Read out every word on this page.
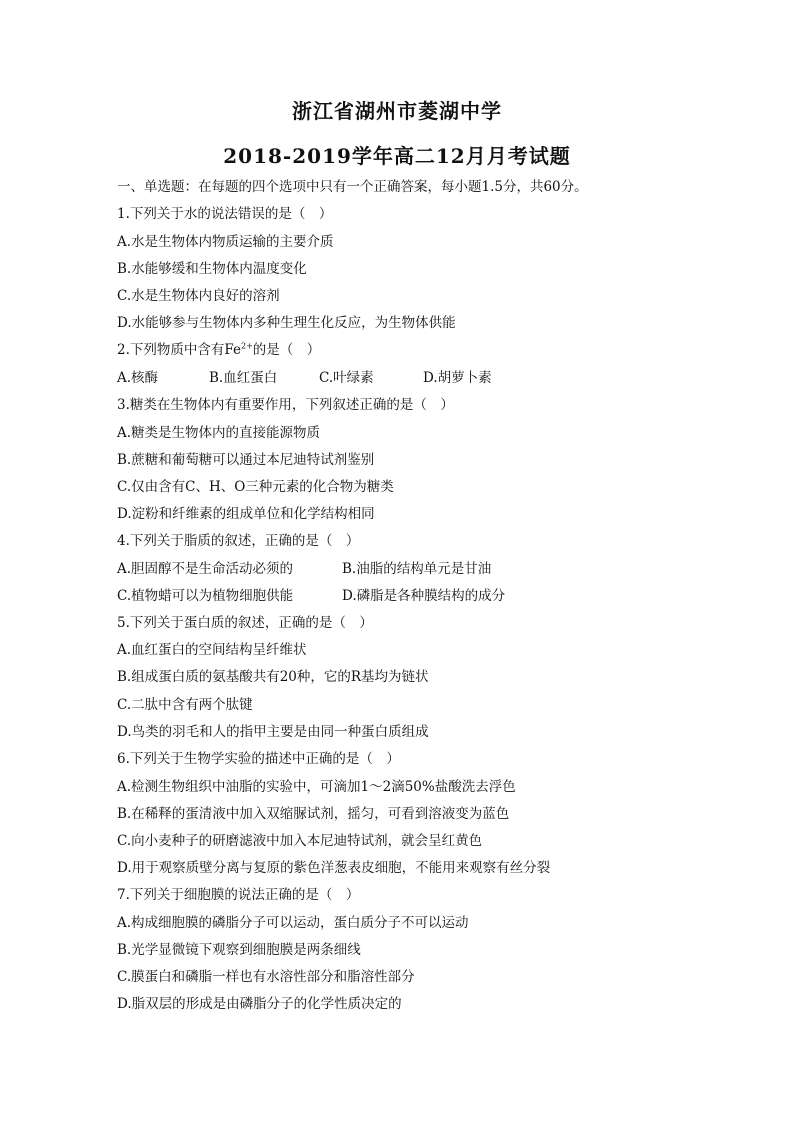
浙江省湖州市菱湖中学
2018-2019学年高二12月月考试题
一、单选题：在每题的四个选项中只有一个正确答案，每小题1.5分，共60分。
1.下列关于水的说法错误的是（　）
A.水是生物体内物质运输的主要介质
B.水能够缓和生物体内温度变化
C.水是生物体内良好的溶剂
D.水能够参与生物体内多种生理生化反应，为生物体供能
2.下列物质中含有$Fe^{2+}$的是（　）
A.核酶	B.血红蛋白	C.叶绿素	D.胡萝卜素
3.糖类在生物体内有重要作用，下列叙述正确的是（　）
A.糖类是生物体内的直接能源物质
B.蔗糖和葡萄糖可以通过本尼迪特试剂鉴别
C.仅由含有C、H、O三种元素的化合物为糖类
D.淀粉和纤维素的组成单位和化学结构相同
4.下列关于脂质的叙述，正确的是（　）
A.胆固醇不是生命活动必须的	B.油脂的结构单元是甘油
C.植物蜡可以为植物细胞供能	D.磷脂是各种膜结构的成分
5.下列关于蛋白质的叙述，正确的是（　）
A.血红蛋白的空间结构呈纤维状
B.组成蛋白质的氨基酸共有20种，它的R基均为链状
C.二肽中含有两个肽键
D.鸟类的羽毛和人的指甲主要是由同一种蛋白质组成
6.下列关于生物学实验的描述中正确的是（　）
A.检测生物组织中油脂的实验中，可滴加1～2滴50%盐酸洗去浮色
B.在稀释的蛋清液中加入双缩脲试剂，摇匀，可看到溶液变为蓝色
C.向小麦种子的研磨滤液中加入本尼迪特试剂，就会呈红黄色
D.用于观察质壁分离与复原的紫色洋葱表皮细胞，不能用来观察有丝分裂
7.下列关于细胞膜的说法正确的是（　）
A.构成细胞膜的磷脂分子可以运动，蛋白质分子不可以运动
B.光学显微镜下观察到细胞膜是两条细线
C.膜蛋白和磷脂一样也有水溶性部分和脂溶性部分
D.脂双层的形成是由磷脂分子的化学性质决定的
